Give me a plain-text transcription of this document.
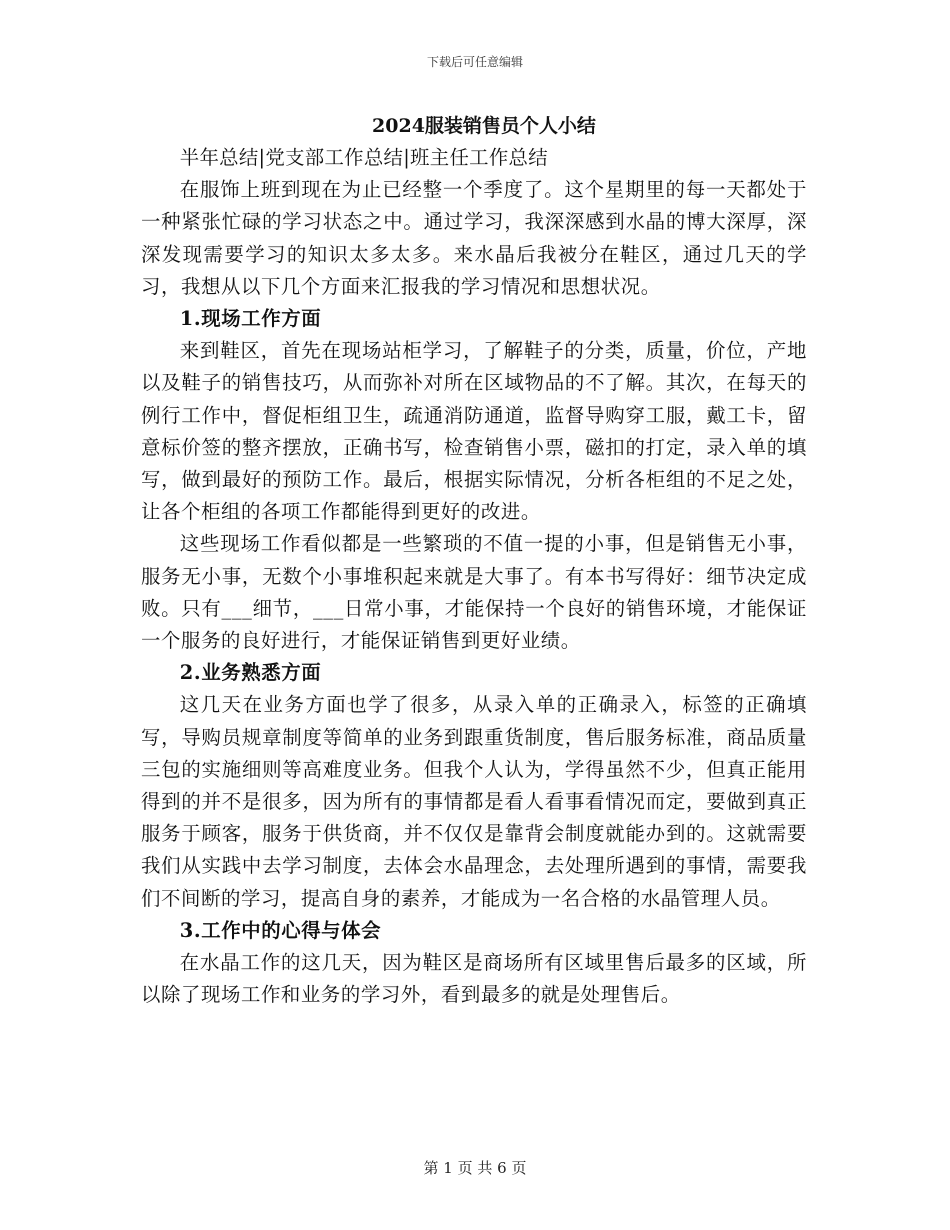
下载后可任意编辑
2024服装销售员个人小结

半年总结|党支部工作总结|班主任工作总结

在服饰上班到现在为止已经整一个季度了。这个星期里的每一天都处于一种紧张忙碌的学习状态之中。通过学习，我深深感到水晶的博大深厚，深深发现需要学习的知识太多太多。来水晶后我被分在鞋区，通过几天的学习，我想从以下几个方面来汇报我的学习情况和思想状况。

1.现场工作方面

来到鞋区，首先在现场站柜学习，了解鞋子的分类，质量，价位，产地以及鞋子的销售技巧，从而弥补对所在区域物品的不了解。其次，在每天的例行工作中，督促柜组卫生，疏通消防通道，监督导购穿工服，戴工卡，留意标价签的整齐摆放，正确书写，检查销售小票，磁扣的打定，录入单的填写，做到最好的预防工作。最后，根据实际情况，分析各柜组的不足之处，让各个柜组的各项工作都能得到更好的改进。

这些现场工作看似都是一些繁琐的不值一提的小事，但是销售无小事，服务无小事，无数个小事堆积起来就是大事了。有本书写得好：细节决定成败。只有___细节，___日常小事，才能保持一个良好的销售环境，才能保证一个服务的良好进行，才能保证销售到更好业绩。

2.业务熟悉方面

这几天在业务方面也学了很多，从录入单的正确录入，标签的正确填写，导购员规章制度等简单的业务到跟重货制度，售后服务标准，商品质量三包的实施细则等高难度业务。但我个人认为，学得虽然不少，但真正能用得到的并不是很多，因为所有的事情都是看人看事看情况而定，要做到真正服务于顾客，服务于供货商，并不仅仅是靠背会制度就能办到的。这就需要我们从实践中去学习制度，去体会水晶理念，去处理所遇到的事情，需要我们不间断的学习，提高自身的素养，才能成为一名合格的水晶管理人员。

3.工作中的心得与体会

在水晶工作的这几天，因为鞋区是商场所有区域里售后最多的区域，所以除了现场工作和业务的学习外，看到最多的就是处理售后。

第 1 页 共 6 页
